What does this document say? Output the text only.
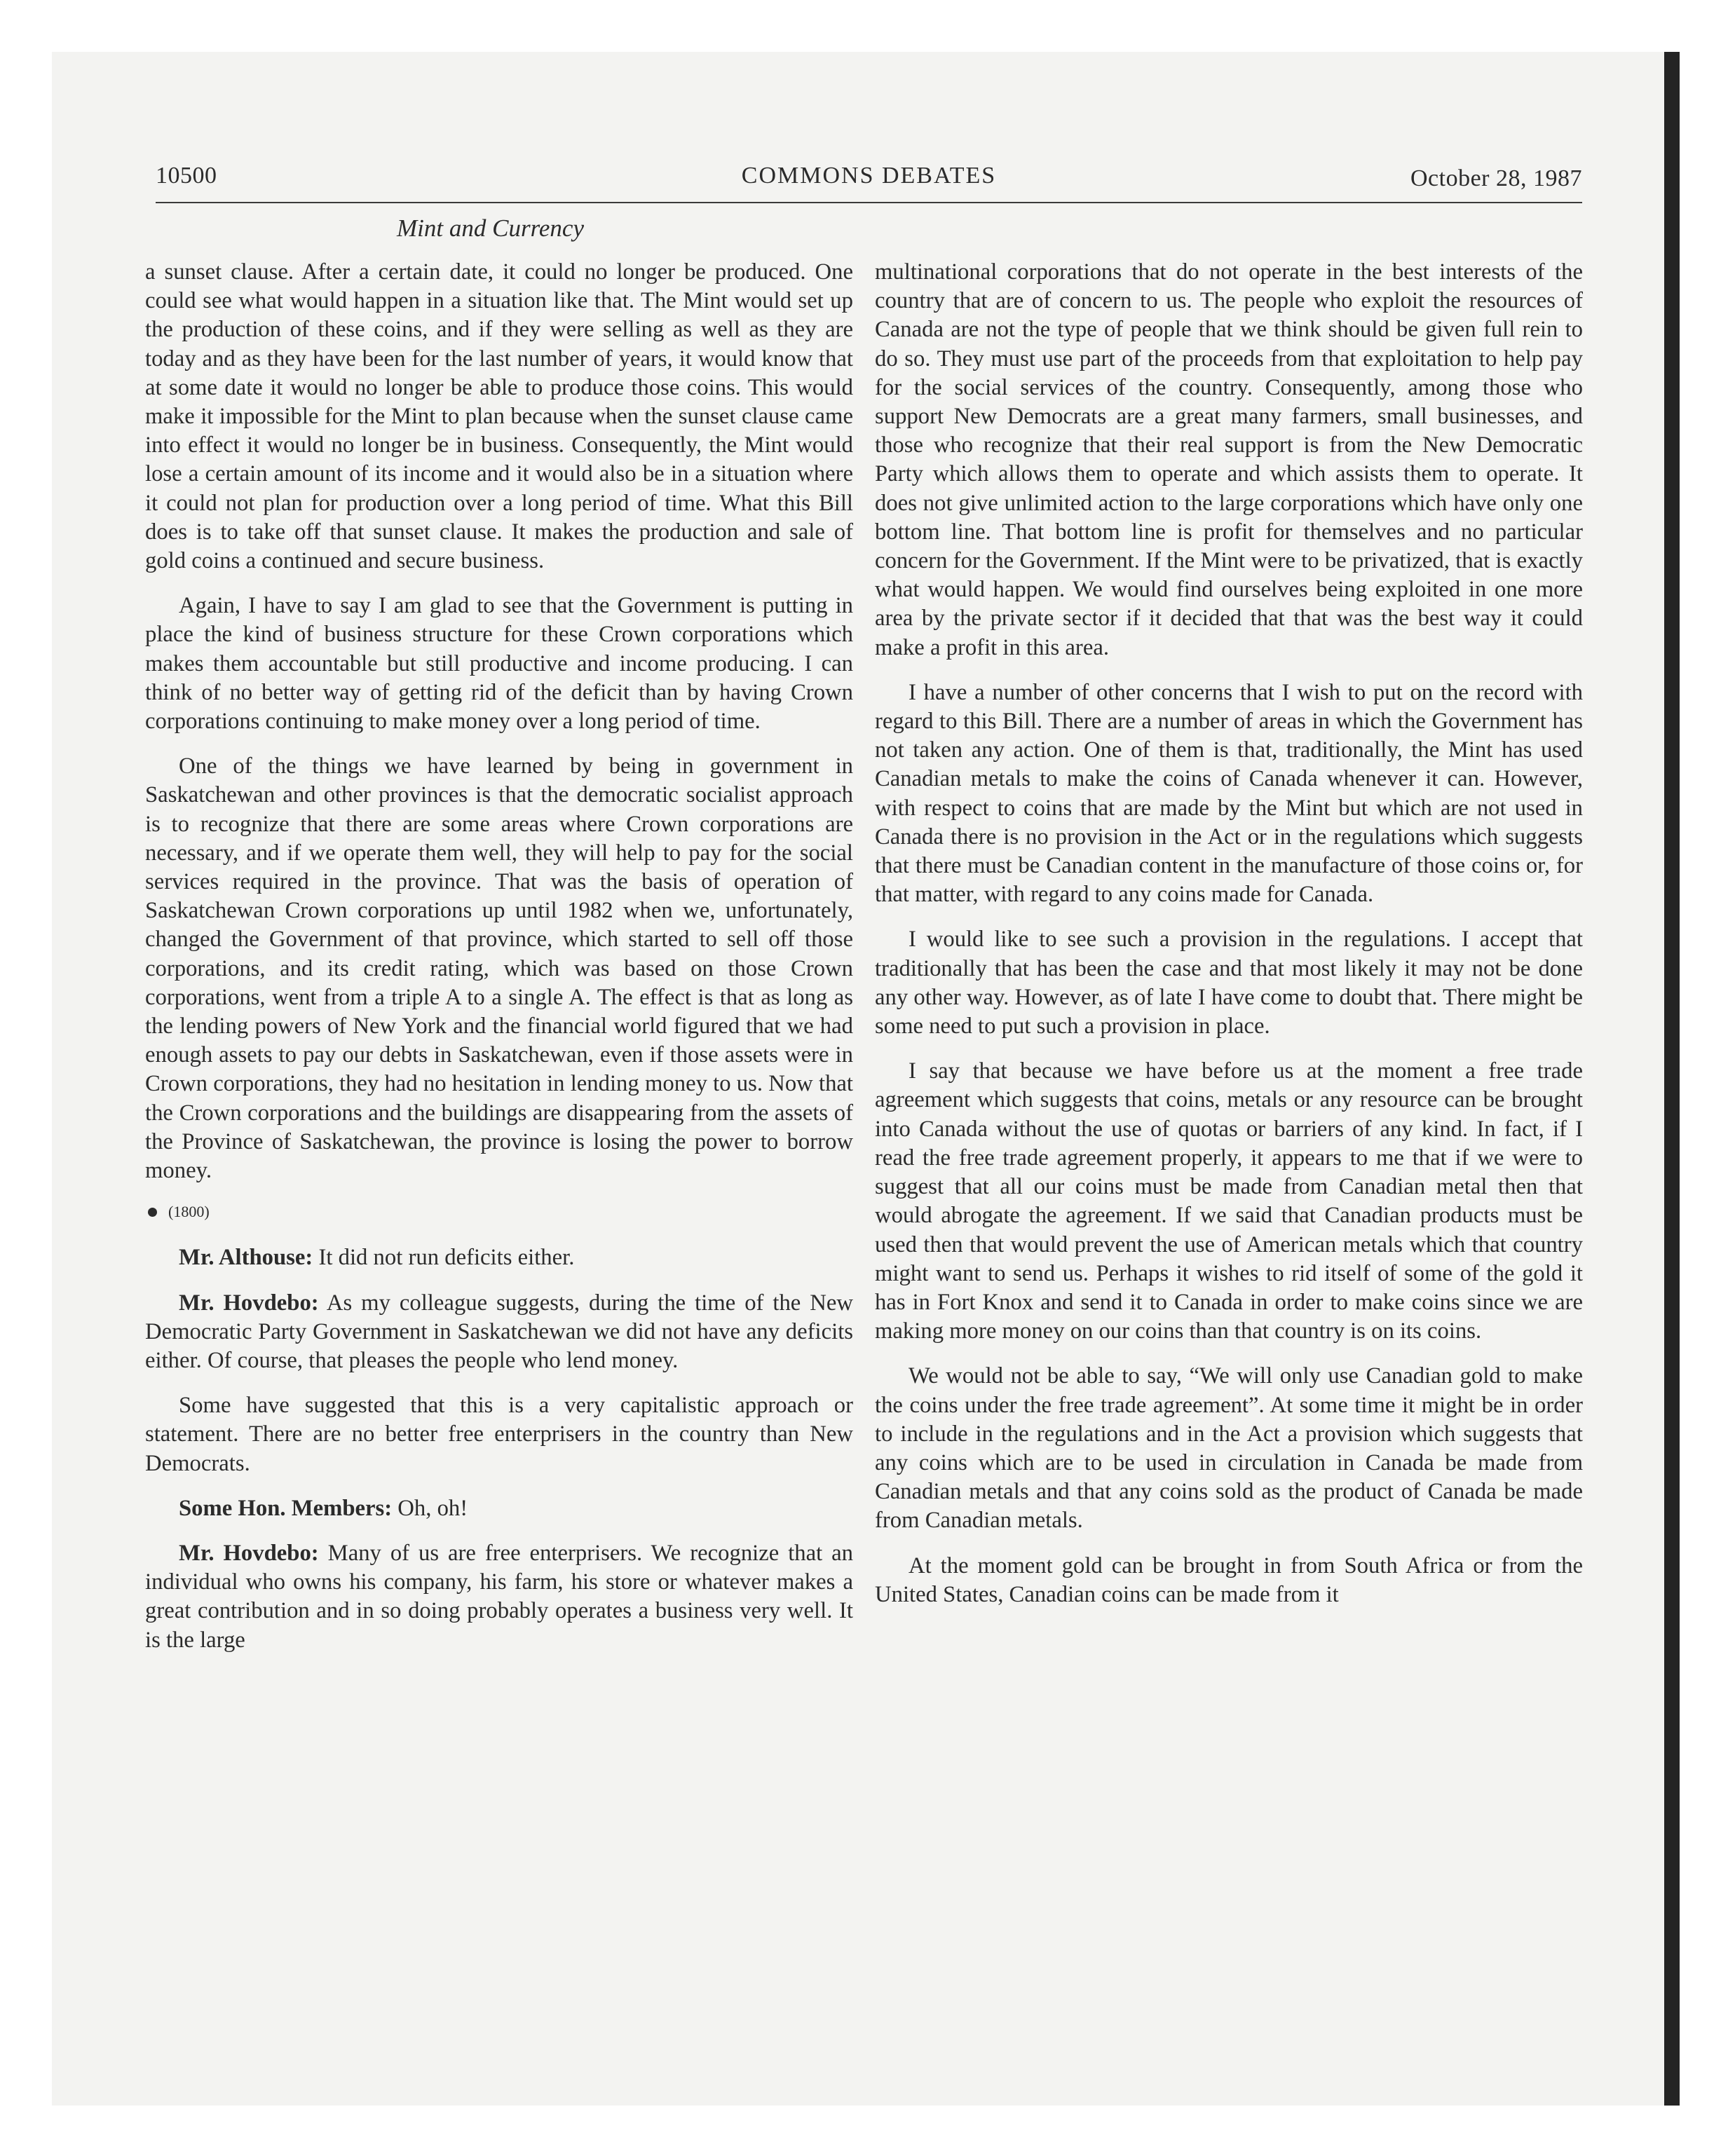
10500	COMMONS DEBATES	October 28, 1987
Mint and Currency

a sunset clause. After a certain date, it could no longer be produced. One could see what would happen in a situation like that. The Mint would set up the production of these coins, and if they were selling as well as they are today and as they have been for the last number of years, it would know that at some date it would no longer be able to produce those coins. This would make it impossible for the Mint to plan because when the sunset clause came into effect it would no longer be in business. Consequently, the Mint would lose a certain amount of its income and it would also be in a situation where it could not plan for production over a long period of time. What this Bill does is to take off that sunset clause. It makes the production and sale of gold coins a continued and secure business.

Again, I have to say I am glad to see that the Government is putting in place the kind of business structure for these Crown corporations which makes them accountable but still productive and income producing. I can think of no better way of getting rid of the deficit than by having Crown corporations continuing to make money over a long period of time.

One of the things we have learned by being in government in Saskatchewan and other provinces is that the democratic socialist approach is to recognize that there are some areas where Crown corporations are necessary, and if we operate them well, they will help to pay for the social services required in the province. That was the basis of operation of Saskatchewan Crown corporations up until 1982 when we, unfortunately, changed the Government of that province, which started to sell off those corporations, and its credit rating, which was based on those Crown corporations, went from a triple A to a single A. The effect is that as long as the lending powers of New York and the financial world figured that we had enough assets to pay our debts in Saskatchewan, even if those assets were in Crown corporations, they had no hesitation in lending money to us. Now that the Crown corporations and the buildings are disappearing from the assets of the Province of Saskatchewan, the province is losing the power to borrow money.

(1800)

Mr. Althouse: It did not run deficits either.

Mr. Hovdebo: As my colleague suggests, during the time of the New Democratic Party Government in Saskatchewan we did not have any deficits either. Of course, that pleases the people who lend money.

Some have suggested that this is a very capitalistic approach or statement. There are no better free enterprisers in the country than New Democrats.

Some Hon. Members: Oh, oh!

Mr. Hovdebo: Many of us are free enterprisers. We recognize that an individual who owns his company, his farm, his store or whatever makes a great contribution and in so doing probably operates a business very well. It is the large

multinational corporations that do not operate in the best interests of the country that are of concern to us. The people who exploit the resources of Canada are not the type of people that we think should be given full rein to do so. They must use part of the proceeds from that exploitation to help pay for the social services of the country. Consequently, among those who support New Democrats are a great many farmers, small businesses, and those who recognize that their real support is from the New Democratic Party which allows them to operate and which assists them to operate. It does not give unlimited action to the large corporations which have only one bottom line. That bottom line is profit for themselves and no particular concern for the Government. If the Mint were to be privatized, that is exactly what would happen. We would find ourselves being exploited in one more area by the private sector if it decided that that was the best way it could make a profit in this area.

I have a number of other concerns that I wish to put on the record with regard to this Bill. There are a number of areas in which the Government has not taken any action. One of them is that, traditionally, the Mint has used Canadian metals to make the coins of Canada whenever it can. However, with respect to coins that are made by the Mint but which are not used in Canada there is no provision in the Act or in the regulations which suggests that there must be Canadian content in the manufacture of those coins or, for that matter, with regard to any coins made for Canada.

I would like to see such a provision in the regulations. I accept that traditionally that has been the case and that most likely it may not be done any other way. However, as of late I have come to doubt that. There might be some need to put such a provision in place.

I say that because we have before us at the moment a free trade agreement which suggests that coins, metals or any resource can be brought into Canada without the use of quotas or barriers of any kind. In fact, if I read the free trade agreement properly, it appears to me that if we were to suggest that all our coins must be made from Canadian metal then that would abrogate the agreement. If we said that Canadian products must be used then that would prevent the use of American metals which that country might want to send us. Perhaps it wishes to rid itself of some of the gold it has in Fort Knox and send it to Canada in order to make coins since we are making more money on our coins than that country is on its coins.

We would not be able to say, “We will only use Canadian gold to make the coins under the free trade agreement”. At some time it might be in order to include in the regulations and in the Act a provision which suggests that any coins which are to be used in circulation in Canada be made from Canadian metals and that any coins sold as the product of Canada be made from Canadian metals.

At the moment gold can be brought in from South Africa or from the United States, Canadian coins can be made from it
